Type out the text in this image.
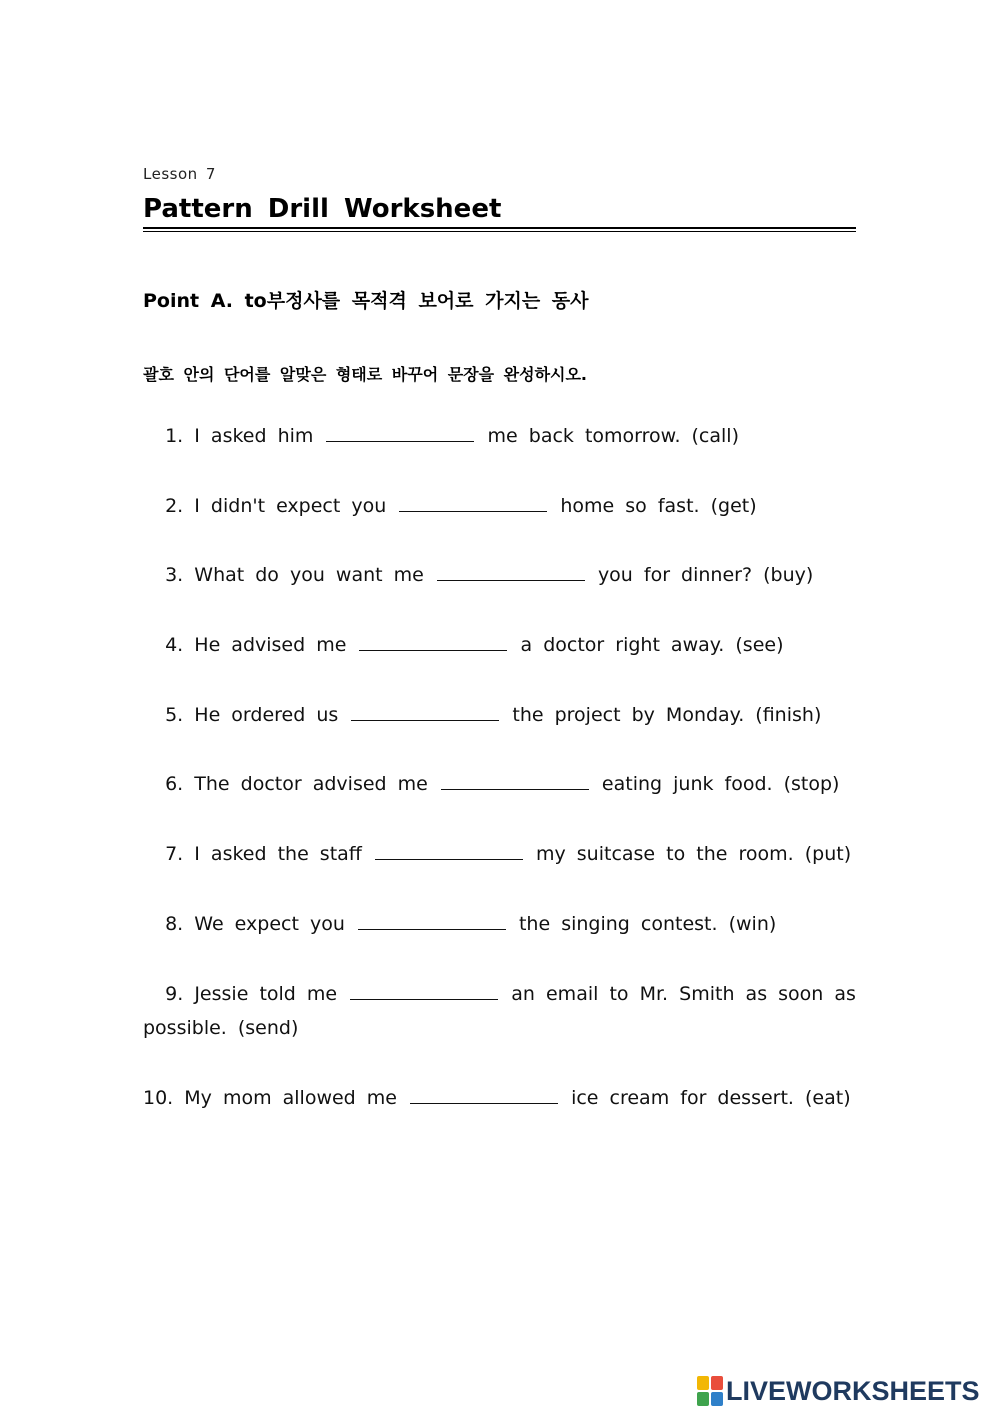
Lesson 7
Pattern Drill Worksheet
Point A. to부정사를 목적격 보어로 가지는 동사
괄호 안의 단어를 알맞은 형태로 바꾸어 문장을 완성하시오.
1. I asked him	me back tomorrow. (call)
2. I didn't expect you	home so fast. (get)
3. What do you want me	you for dinner? (buy)
4. He advised me	a doctor right away. (see)
5. He ordered us	the project by Monday. (finish)
6. The doctor advised me	eating junk food. (stop)
7. I asked the staff	my suitcase to the room. (put)
8. We expect you	the singing contest. (win)
9. Jessie told me	an email to Mr. Smith as soon as possible. (send)
10. My mom allowed me	ice cream for dessert. (eat)
LIVEWORKSHEETS
